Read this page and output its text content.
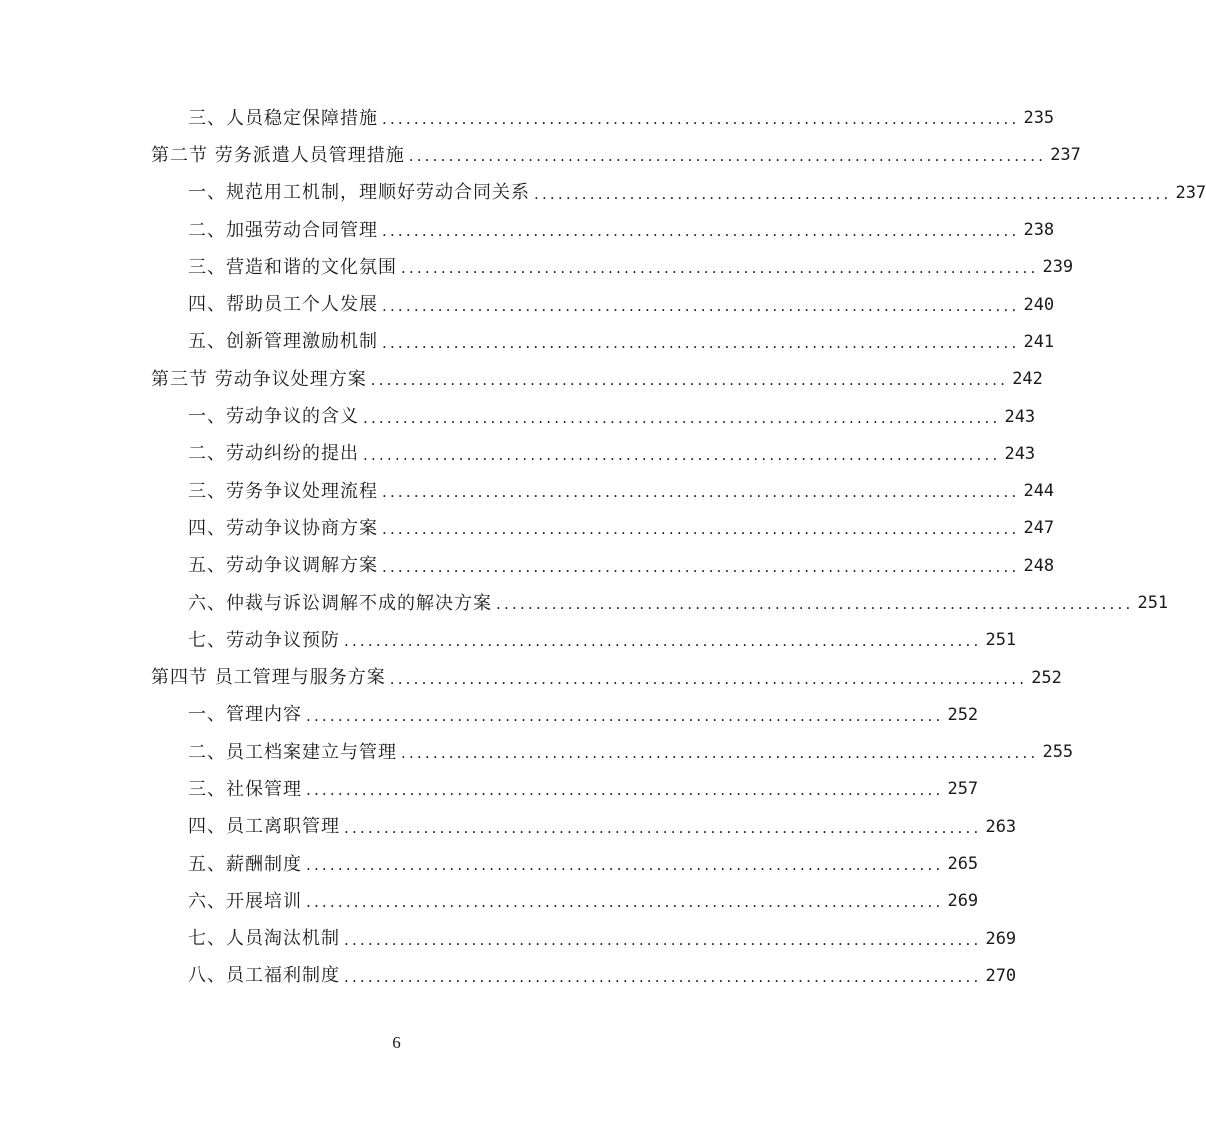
三、人员稳定保障措施 ................................................................................ 235
第二节 劳务派遣人员管理措施 ................................................................................ 237
一、规范用工机制，理顺好劳动合同关系 ................................................................................ 237
二、加强劳动合同管理 ................................................................................ 238
三、营造和谐的文化氛围 ................................................................................ 239
四、帮助员工个人发展 ................................................................................ 240
五、创新管理激励机制 ................................................................................ 241
第三节 劳动争议处理方案 ................................................................................ 242
一、劳动争议的含义 ................................................................................ 243
二、劳动纠纷的提出 ................................................................................ 243
三、劳务争议处理流程 ................................................................................ 244
四、劳动争议协商方案 ................................................................................ 247
五、劳动争议调解方案 ................................................................................ 248
六、仲裁与诉讼调解不成的解决方案 ................................................................................ 251
七、劳动争议预防 ................................................................................ 251
第四节 员工管理与服务方案 ................................................................................ 252
一、管理内容 ................................................................................ 252
二、员工档案建立与管理 ................................................................................ 255
三、社保管理 ................................................................................ 257
四、员工离职管理 ................................................................................ 263
五、薪酬制度 ................................................................................ 265
六、开展培训 ................................................................................ 269
七、人员淘汰机制 ................................................................................ 269
八、员工福利制度 ................................................................................ 270
6
